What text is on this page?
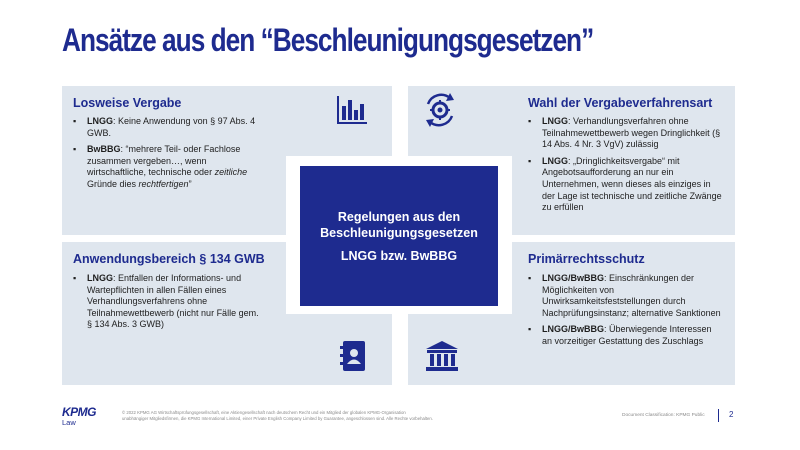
Ansätze aus den “Beschleunigungsgesetzen”
Losweise Vergabe
▪ LNGG: Keine Anwendung von § 97 Abs. 4 GWB.
▪ BwBBG: “mehrere Teil- oder Fachlose zusammen vergeben…, wenn wirtschaftliche, technische oder zeitliche Gründe dies rechtfertigen”
Wahl der Vergabeverfahrensart
▪ LNGG: Verhandlungsverfahren ohne Teilnahmewettbewerb wegen Dringlichkeit (§ 14 Abs. 4 Nr. 3 VgV) zulässig
▪ LNGG: „Dringlichkeitsvergabe“ mit Angebotsaufforderung an nur ein Unternehmen, wenn dieses als einziges in der Lage ist technische und zeitliche Zwänge zu erfüllen
Anwendungsbereich § 134 GWB
▪ LNGG: Entfallen der Informations- und Wartepflichten in allen Fällen eines Verhandlungsverfahrens ohne Teilnahmewettbewerb (nicht nur Fälle gem. § 134 Abs. 3 GWB)
Primärrechtsschutz
▪ LNGG/BwBBG: Einschränkungen der Möglichkeiten von Unwirksamkeitsfeststellungen durch Nachprüfungsinstanz; alternative Sanktionen
▪ LNGG/BwBBG: Überwiegende Interessen an vorzeitiger Gestattung des Zuschlags
Regelungen aus den
Beschleunigungsgesetzen
LNGG bzw. BwBBG
KPMG
Law
© 2022 KPMG AG Wirtschaftsprüfungsgesellschaft, eine Aktiengesellschaft nach deutschem Recht und ein Mitglied der globalen KPMG-Organisation
unabhängiger Mitgliedsfirmen, die KPMG International Limited, einer Private English Company Limited by Guarantee, angeschlossen sind. Alle Rechte vorbehalten.
Document Classification: KPMG Public	2
